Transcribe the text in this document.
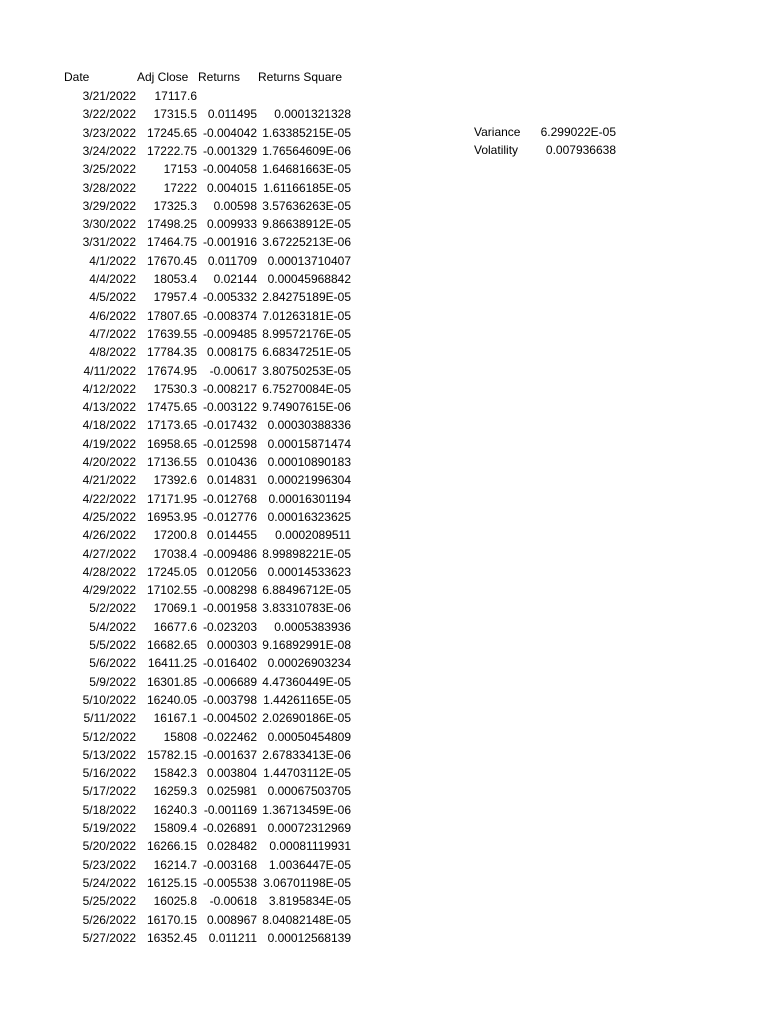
Date	Adj Close Returns	Returns Square
3/21/2022	17117.6
3/22/2022	17315.5 0.011495	0.0001321328
3/23/2022 17245.65 -0.004042 1.63385215E-05
3/24/2022 17222.75 -0.001329 1.76564609E-06
3/25/2022	17153 -0.004058 1.64681663E-05
3/28/2022	17222 0.004015 1.61166185E-05
3/29/2022	17325.3	0.00598 3.57636263E-05
3/30/2022 17498.25 0.009933 9.86638912E-05
3/31/2022 17464.75 -0.001916 3.67225213E-06
4/1/2022 17670.45 0.011709 0.00013710407
4/4/2022	18053.4	0.02144 0.00045968842
4/5/2022	17957.4 -0.005332 2.84275189E-05
4/6/2022 17807.65 -0.008374 7.01263181E-05
4/7/2022 17639.55 -0.009485 8.99572176E-05
4/8/2022 17784.35 0.008175 6.68347251E-05
4/11/2022 17674.95	-0.00617 3.80750253E-05
4/12/2022	17530.3 -0.008217 6.75270084E-05
4/13/2022 17475.65 -0.003122 9.74907615E-06
4/18/2022 17173.65 -0.017432 0.00030388336
4/19/2022 16958.65 -0.012598 0.00015871474
4/20/2022 17136.55 0.010436 0.00010890183
4/21/2022	17392.6 0.014831 0.00021996304
4/22/2022 17171.95 -0.012768 0.00016301194
4/25/2022 16953.95 -0.012776 0.00016323625
4/26/2022	17200.8 0.014455	0.0002089511
4/27/2022	17038.4 -0.009486 8.99898221E-05
4/28/2022 17245.05 0.012056 0.00014533623
4/29/2022 17102.55 -0.008298 6.88496712E-05
5/2/2022	17069.1 -0.001958 3.83310783E-06
5/4/2022	16677.6 -0.023203	0.0005383936
5/5/2022 16682.65 0.000303 9.16892991E-08
5/6/2022 16411.25 -0.016402 0.00026903234
5/9/2022 16301.85 -0.006689 4.47360449E-05
5/10/2022 16240.05 -0.003798 1.44261165E-05
5/11/2022	16167.1 -0.004502 2.02690186E-05
5/12/2022	15808 -0.022462 0.00050454809
5/13/2022 15782.15 -0.001637 2.67833413E-06
5/16/2022	15842.3 0.003804 1.44703112E-05
5/17/2022	16259.3 0.025981 0.00067503705
5/18/2022	16240.3 -0.001169 1.36713459E-06
5/19/2022	15809.4 -0.026891 0.00072312969
5/20/2022 16266.15 0.028482	0.00081119931
5/23/2022	16214.7 -0.003168 1.0036447E-05
5/24/2022 16125.15 -0.005538 3.06701198E-05
5/25/2022	16025.8	-0.00618 3.8195834E-05
5/26/2022 16170.15 0.008967 8.04082148E-05
5/27/2022 16352.45 0.011211 0.00012568139
Variance	6.299022E-05
Volatility	0.007936638
